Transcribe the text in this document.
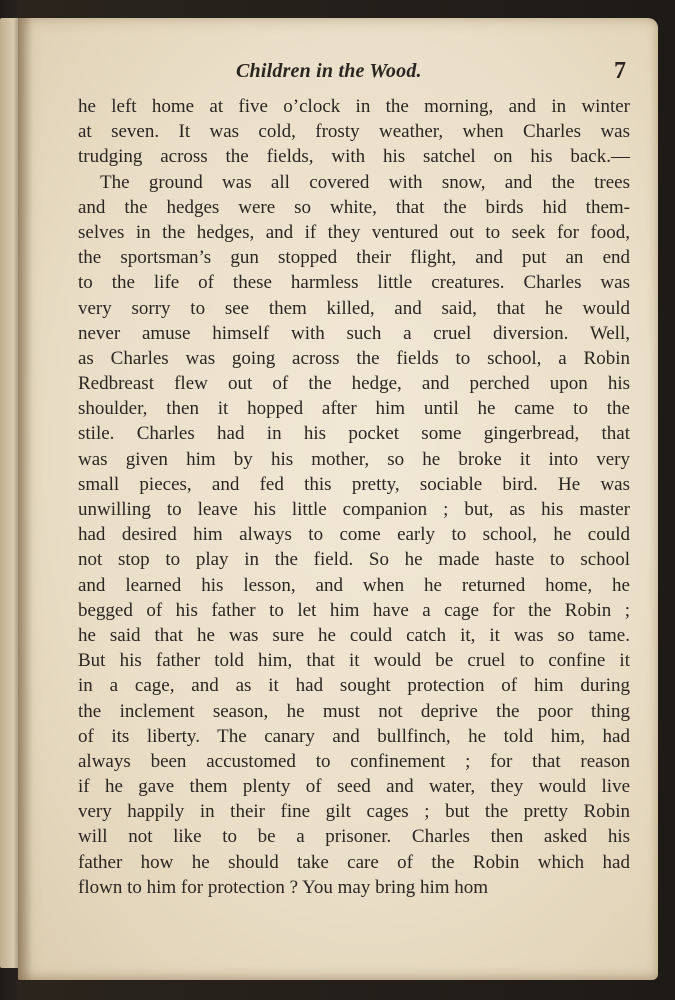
Children in the Wood.	7
he left home at five o’clock in the morning, and in winter
at seven. It was cold, frosty weather, when Charles was
trudging across the fields, with his satchel on his back.—
The ground was all covered with snow, and the trees
and the hedges were so white, that the birds hid them-
selves in the hedges, and if they ventured out to seek for food,
the sportsman’s gun stopped their flight, and put an end
to the life of these harmless little creatures. Charles was
very sorry to see them killed, and said, that he would
never amuse himself with such a cruel diversion. Well,
as Charles was going across the fields to school, a Robin
Redbreast flew out of the hedge, and perched upon his
shoulder, then it hopped after him until he came to the
stile. Charles had in his pocket some gingerbread, that
was given him by his mother, so he broke it into very
small pieces, and fed this pretty, sociable bird. He was
unwilling to leave his little companion ; but, as his master
had desired him always to come early to school, he could
not stop to play in the field. So he made haste to school
and learned his lesson, and when he returned home, he
begged of his father to let him have a cage for the Robin ;
he said that he was sure he could catch it, it was so tame.
But his father told him, that it would be cruel to confine it
in a cage, and as it had sought protection of him during
the inclement season, he must not deprive the poor thing
of its liberty. The canary and bullfinch, he told him, had
always been accustomed to confinement ; for that reason
if he gave them plenty of seed and water, they would live
very happily in their fine gilt cages ; but the pretty Robin
will not like to be a prisoner. Charles then asked his
father how he should take care of the Robin which had
flown to him for protection ? You may bring him hom
